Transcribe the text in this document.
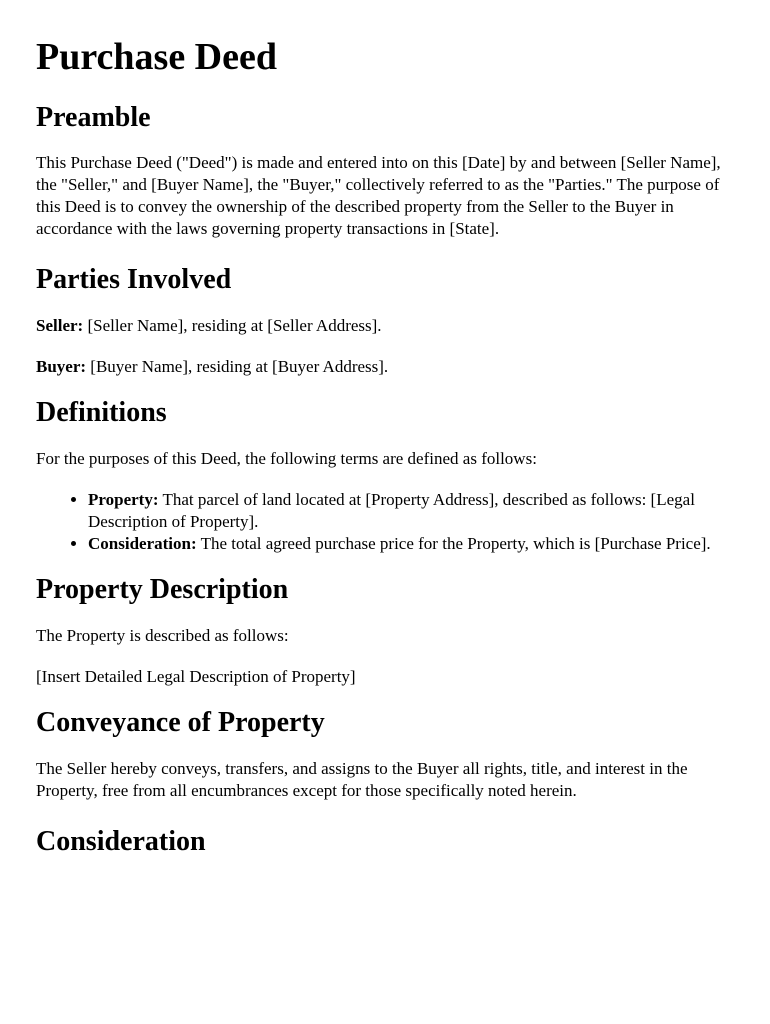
Purchase Deed
Preamble

This Purchase Deed ("Deed") is made and entered into on this [Date] by and between [Seller Name], the "Seller," and [Buyer Name], the "Buyer," collectively referred to as the "Parties." The purpose of this Deed is to convey the ownership of the described property from the Seller to the Buyer in accordance with the laws governing property transactions in [State].

Parties Involved

Seller: [Seller Name], residing at [Seller Address].

Buyer: [Buyer Name], residing at [Buyer Address].

Definitions

For the purposes of this Deed, the following terms are defined as follows:

• Property: That parcel of land located at [Property Address], described as follows: [Legal Description of Property].
• Consideration: The total agreed purchase price for the Property, which is [Purchase Price].
Property Description

The Property is described as follows:

[Insert Detailed Legal Description of Property]

Conveyance of Property

The Seller hereby conveys, transfers, and assigns to the Buyer all rights, title, and interest in the Property, free from all encumbrances except for those specifically noted herein.

Consideration
